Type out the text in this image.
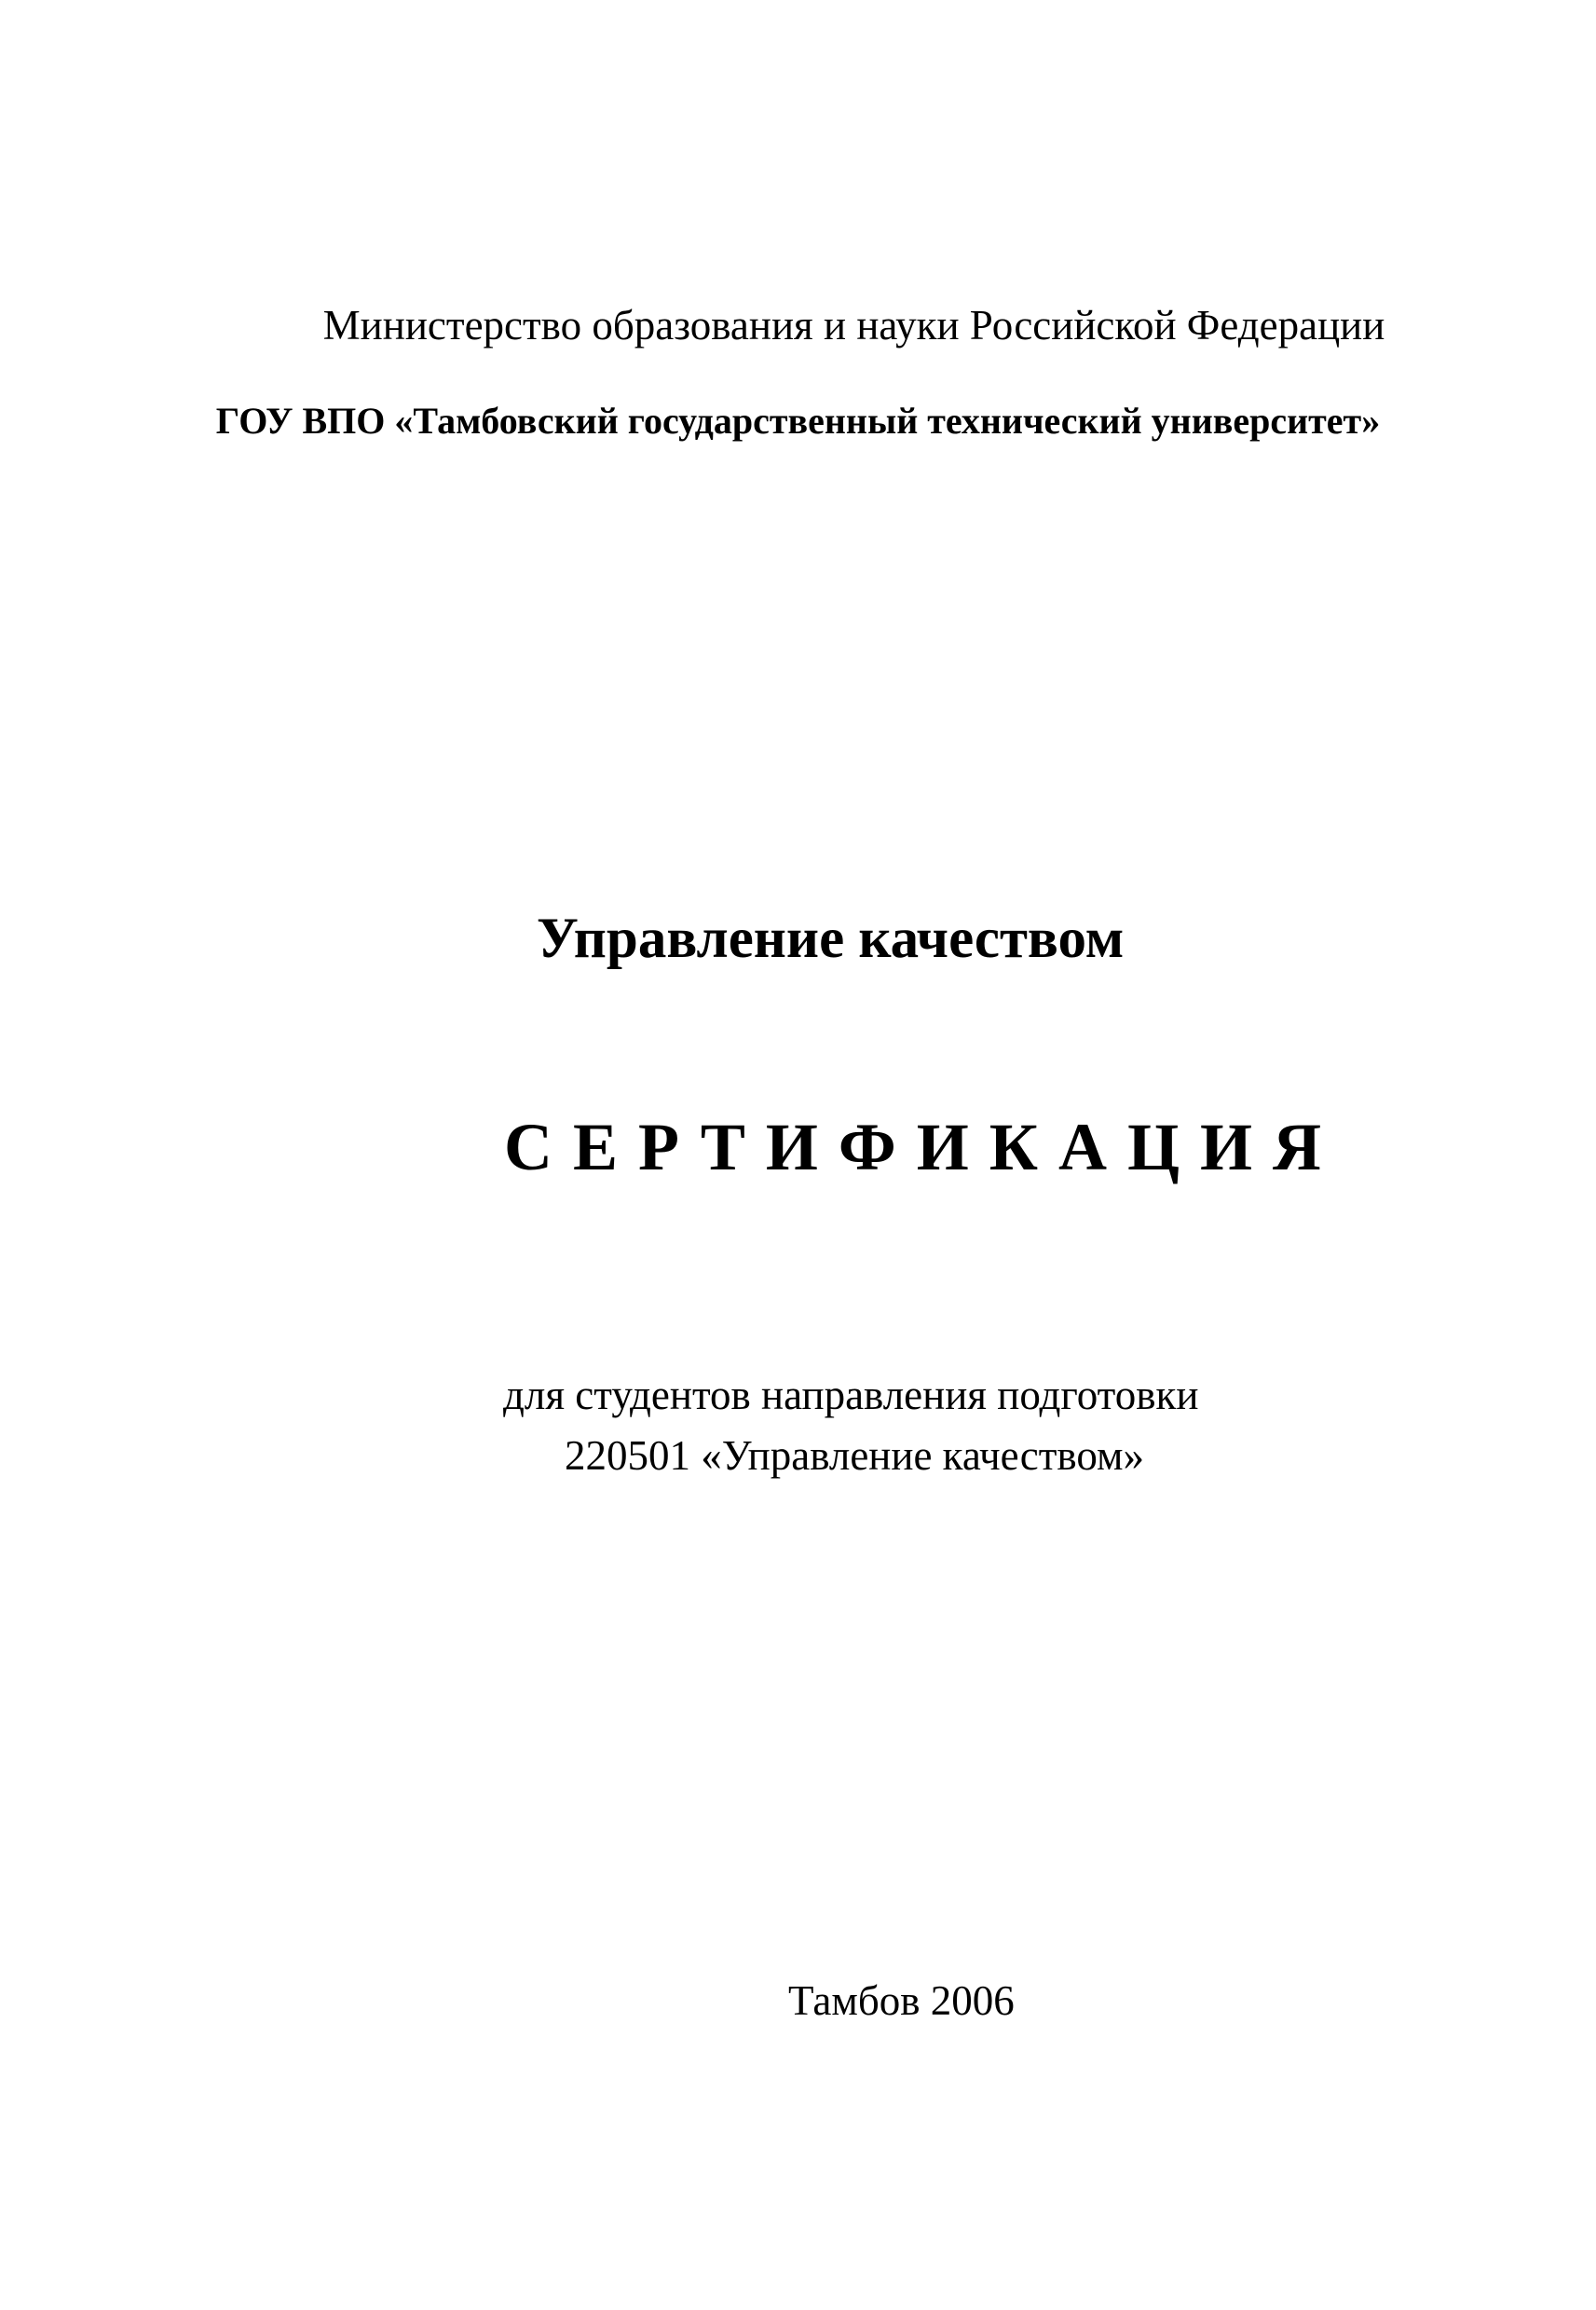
Министерство образования и науки Российской Федерации
ГОУ ВПО «Тамбовский государственный технический университет»
Управление качеством
СЕРТИФИКАЦИЯ
для студентов направления подготовки
220501 «Управление качеством»
Тамбов 2006
